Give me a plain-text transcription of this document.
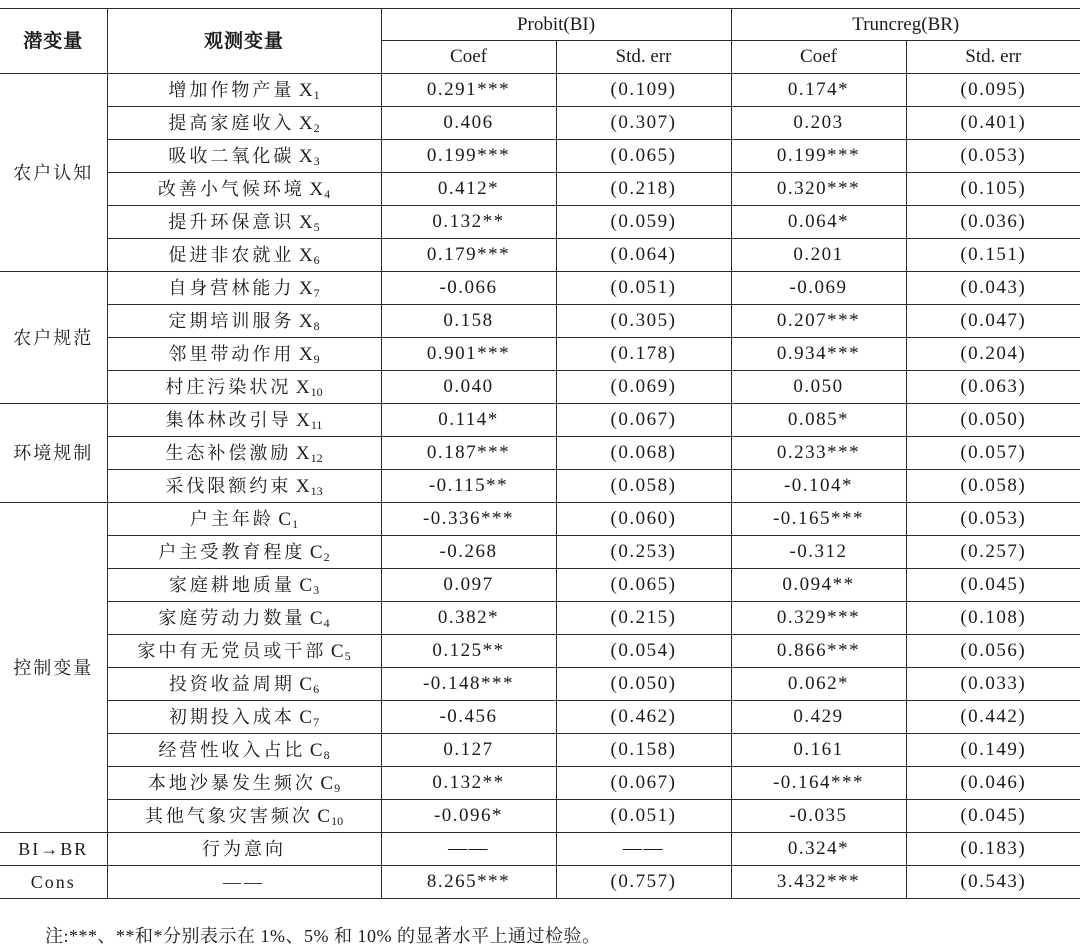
潜变量	观测变量	Probit(BI)		Truncreg(BR)	
		Coef	Std. err	Coef	Std. err
农户认知	增加作物产量 $X_1$	0.291***	(0.109)	0.174*	(0.095)
	提高家庭收入 $X_2$	0.406	(0.307)	0.203	(0.401)
	吸收二氧化碳 $X_3$	0.199***	(0.065)	0.199***	(0.053)
	改善小气候环境 $X_4$	0.412*	(0.218)	0.320***	(0.105)
	提升环保意识 $X_5$	0.132**	(0.059)	0.064*	(0.036)
	促进非农就业 $X_6$	0.179***	(0.064)	0.201	(0.151)
农户规范	自身营林能力 $X_7$	-0.066	(0.051)	-0.069	(0.043)
	定期培训服务 $X_8$	0.158	(0.305)	0.207***	(0.047)
	邻里带动作用 $X_9$	0.901***	(0.178)	0.934***	(0.204)
	村庄污染状况 $X_{10}$	0.040	(0.069)	0.050	(0.063)
环境规制	集体林改引导 $X_{11}$	0.114*	(0.067)	0.085*	(0.050)
	生态补偿激励 $X_{12}$	0.187***	(0.068)	0.233***	(0.057)
	采伐限额约束 $X_{13}$	-0.115**	(0.058)	-0.104*	(0.058)
控制变量	户主年龄 $C_1$	-0.336***	(0.060)	-0.165***	(0.053)
	户主受教育程度 $C_2$	-0.268	(0.253)	-0.312	(0.257)
	家庭耕地质量 $C_3$	0.097	(0.065)	0.094**	(0.045)
	家庭劳动力数量 $C_4$	0.382*	(0.215)	0.329***	(0.108)
	家中有无党员或干部 $C_5$	0.125**	(0.054)	0.866***	(0.056)
	投资收益周期 $C_6$	-0.148***	(0.050)	0.062*	(0.033)
	初期投入成本 $C_7$	-0.456	(0.462)	0.429	(0.442)
	经营性收入占比 $C_8$	0.127	(0.158)	0.161	(0.149)
	本地沙暴发生频次 $C_9$	0.132**	(0.067)	-0.164***	(0.046)
	其他气象灾害频次 $C_{10}$	-0.096*	(0.051)	-0.035	(0.045)
BI→BR	行为意向	——	——	0.324*	(0.183)
Cons	——	8.265***	(0.757)	3.432***	(0.543)
注:***、**和*分别表示在 1%、5% 和 10% 的显著水平上通过检验。
